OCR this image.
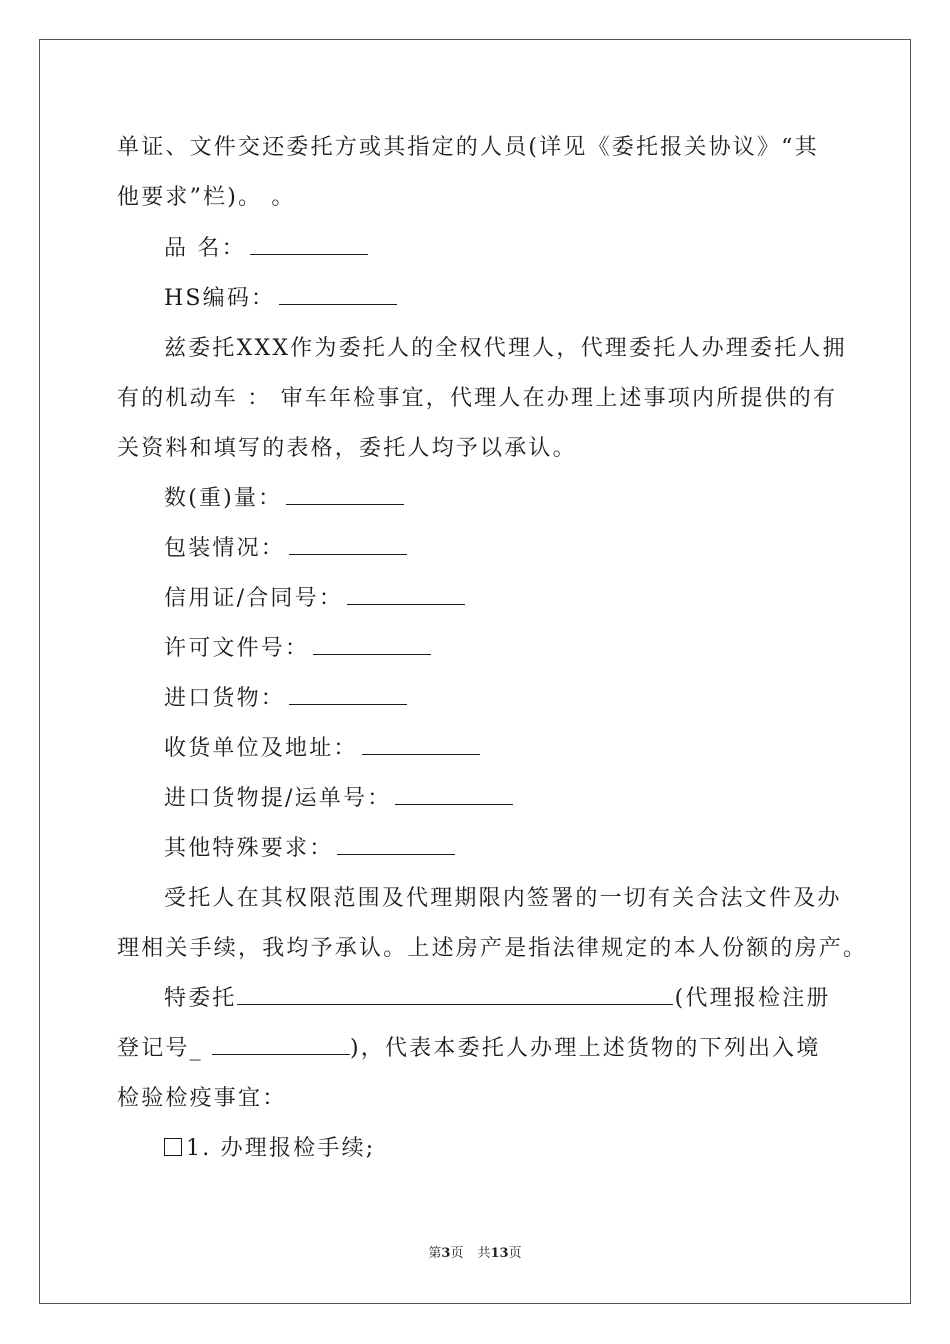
单证、文件交还委托方或其指定的人员(详见《委托报关协议》“其
他要求”栏)。 。
品 名：
HS编码：
兹委托XXX作为委托人的全权代理人，代理委托人办理委托人拥
有的机动车 ： 审车年检事宜，代理人在办理上述事项内所提供的有
关资料和填写的表格，委托人均予以承认。
数(重)量：
包装情况：
信用证/合同号：
许可文件号：
进口货物：
收货单位及地址：
进口货物提/运单号：
其他特殊要求：
受托人在其权限范围及代理期限内签署的一切有关合法文件及办
理相关手续，我均予承认。上述房产是指法律规定的本人份额的房产。
特委托	(代理报检注册
登记号_	)，代表本委托人办理上述货物的下列出入境
检验检疫事宜：
1. 办理报检手续;
第3页 共13页
